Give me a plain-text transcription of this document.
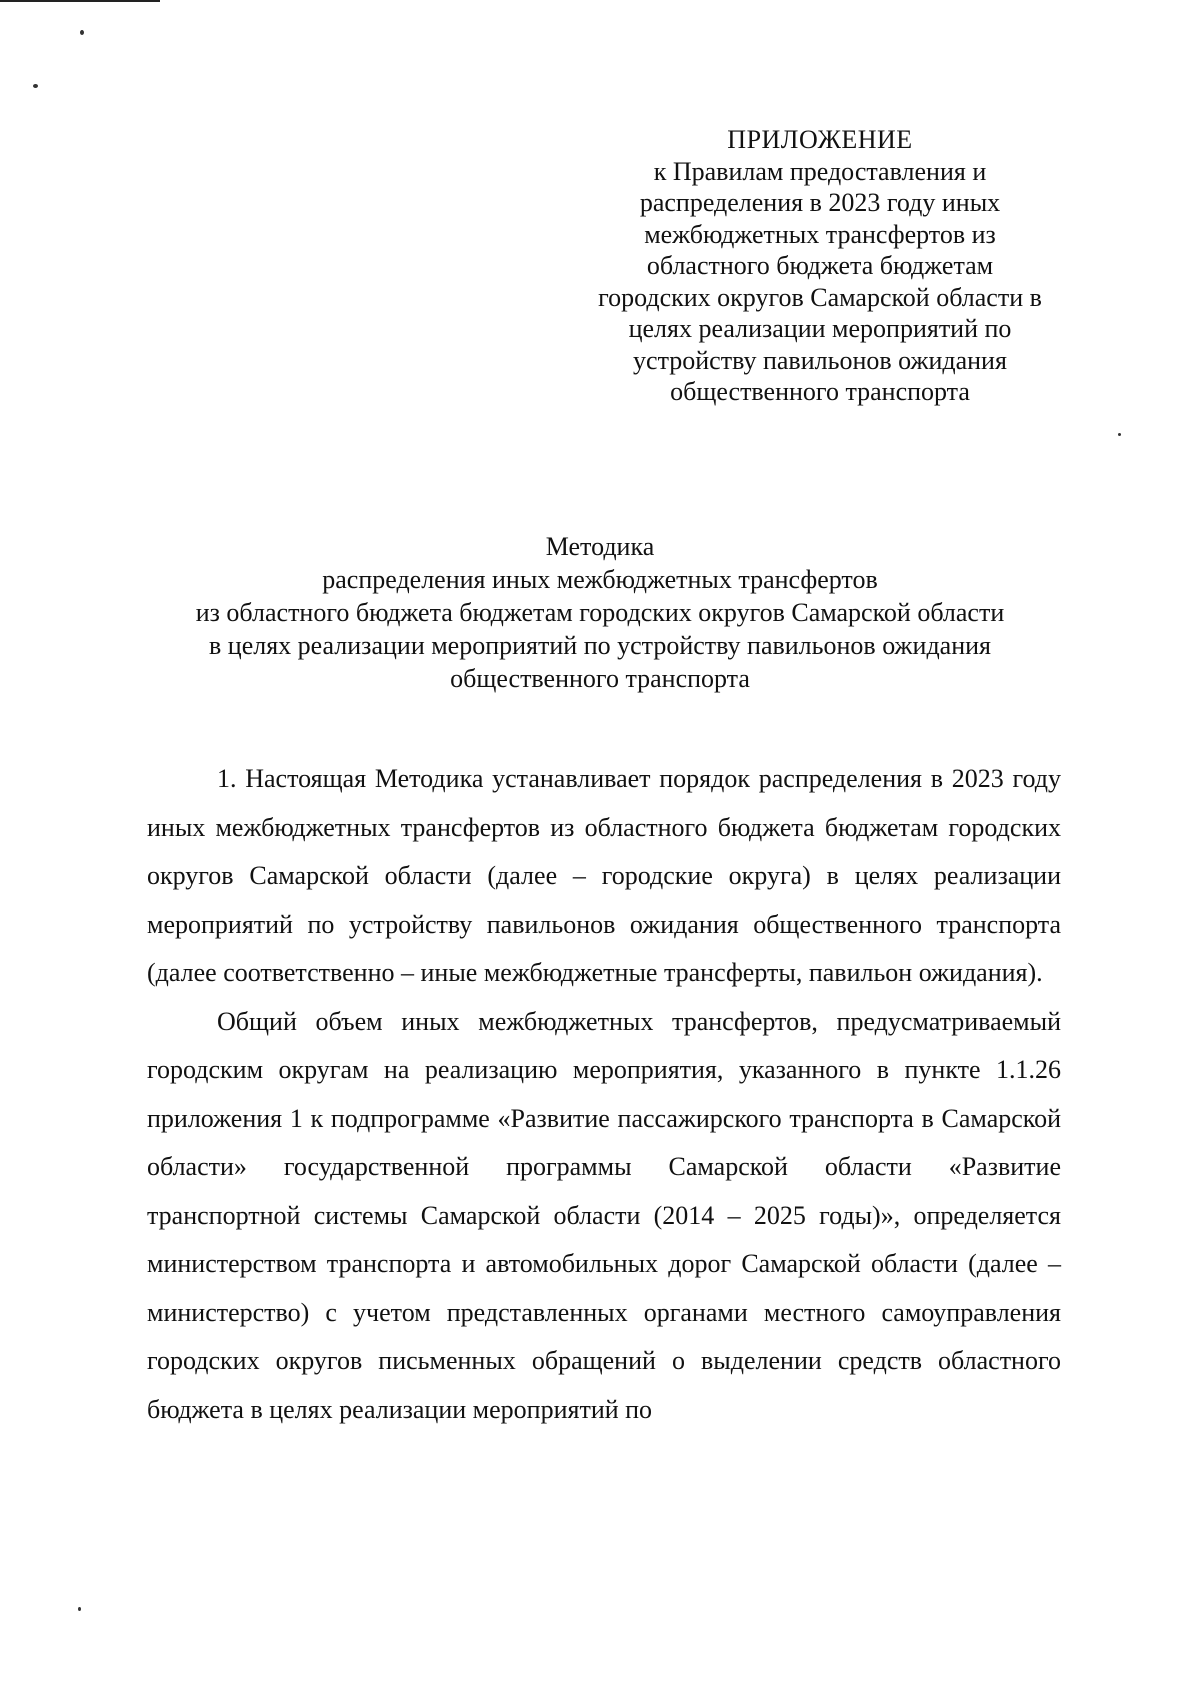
ПРИЛОЖЕНИЕ
к Правилам предоставления и
распределения в 2023 году иных
межбюджетных трансфертов из
областного бюджета бюджетам
городских округов Самарской области в
целях реализации мероприятий по
устройству павильонов ожидания
общественного транспорта
Методика
распределения иных межбюджетных трансфертов
из областного бюджета бюджетам городских округов Самарской области
в целях реализации мероприятий по устройству павильонов ожидания
общественного транспорта

1. Настоящая Методика устанавливает порядок распределения в 2023 году иных межбюджетных трансфертов из областного бюджета бюджетам городских округов Самарской области (далее – городские округа) в целях реализации мероприятий по устройству павильонов ожидания общественного транспорта (далее соответственно – иные межбюджетные трансферты, павильон ожидания).

Общий объем иных межбюджетных трансфертов, предусматриваемый городским округам на реализацию мероприятия, указанного в пункте 1.1.26 приложения 1 к подпрограмме «Развитие пассажирского транспорта в Самарской области» государственной программы Самарской области «Развитие транспортной системы Самарской области (2014 – 2025 годы)», определяется министерством транспорта и автомобильных дорог Самарской области (далее – министерство) с учетом представленных органами местного самоуправления городских округов письменных обращений о выделении средств областного бюджета в целях реализации мероприятий по
